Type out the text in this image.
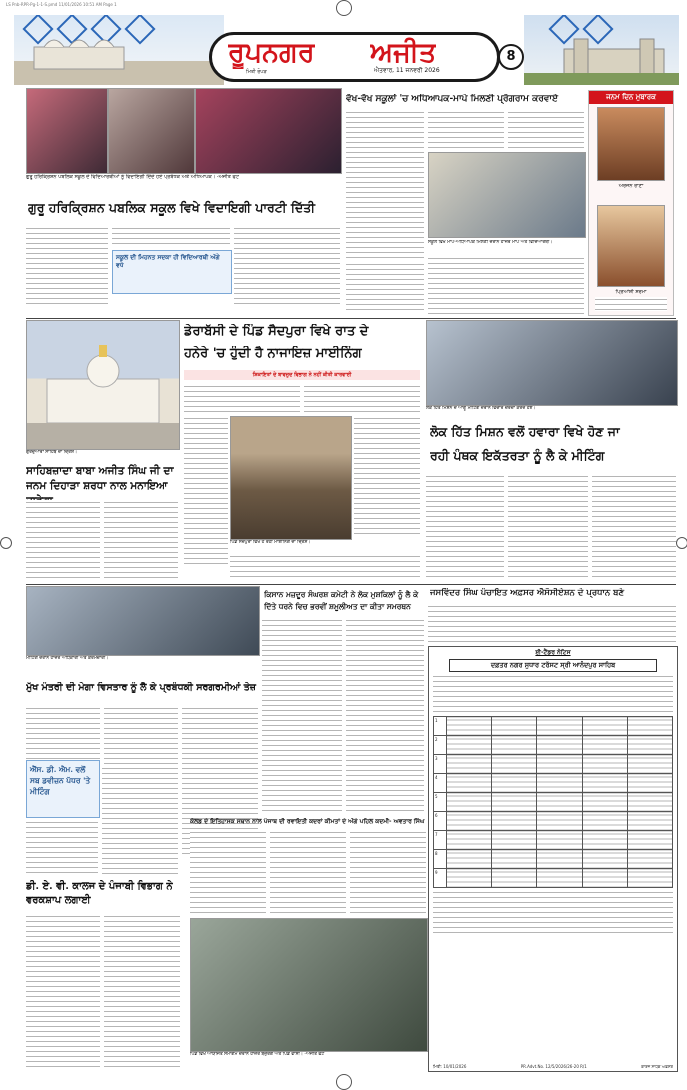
LS Pnb-RPR-Pg-1-1-S.pmd 11/01/2026 10:51 AM Page 1
ਰੂਪਨਗਰ ਅਜੀਤ
ਮਿਤੀ ਰੋਪੜ	ਐਤਵਾਰ, 11 ਜਨਵਰੀ 2026
8
ਜਨਮ ਦਿਨ ਮੁਬਾਰਕ
ਅਰਜਨ ਰਾਣਾ
ਪ੍ਰਿਆਂਸ਼ੀ ਸ਼ਰਮਾ
ਗੁਰੂ ਹਰਿਕ੍ਰਿਸ਼ਨ ਪਬਲਿਕ ਸਕੂਲ ਦੇ ਵਿਦਿਆਰਥੀਆਂ ਨੂੰ ਵਿਦਾਇਗੀ ਦਿੰਦੇ ਹੋਏ ਪ੍ਰਬੰਧਕ ਅਤੇ ਅਧਿਆਪਕ। -ਅਜੀਤ ਫੋਟੋ
ਗੁਰੂ ਹਰਿਕ੍ਰਿਸ਼ਨ ਪਬਲਿਕ ਸਕੂਲ ਵਿਖੇ ਵਿਦਾਇਗੀ ਪਾਰਟੀ ਦਿੱਤੀ
ਸਕੂਲ ਦੀ ਮਿਹਨਤ ਸਦਕਾ ਹੀ ਵਿਦਿਆਰਥੀ ਅੱਗੇ ਵਧੇ
ਵੱਖ-ਵੱਖ ਸਕੂਲਾਂ 'ਚ ਅਧਿਆਪਕ-ਮਾਪੇ ਮਿਲਣੀ ਪ੍ਰੋਗਰਾਮ ਕਰਵਾਏ
ਸਕੂਲ ਵਿਖੇ ਮਾਪੇ-ਅਧਿਆਪਕ ਮਿਲਣੀ ਦੌਰਾਨ ਹਾਜ਼ਰ ਮਾਪੇ ਅਤੇ ਵਿਦਿਆਰਥੀ।
ਗੁਰਦੁਆਰਾ ਸਾਹਿਬ ਦਾ ਦ੍ਰਿਸ਼।
ਸਾਹਿਬਜ਼ਾਦਾ ਬਾਬਾ ਅਜੀਤ ਸਿੰਘ ਜੀ ਦਾ ਜਨਮ ਦਿਹਾੜਾ ਸ਼ਰਧਾ ਨਾਲ ਮਨਾਇਆ
ਡੇਰਾਬੱਸੀ ਦੇ ਪਿੰਡ ਸੈਦਪੁਰਾ ਵਿਖੇ ਰਾਤ ਦੇ
ਹਨੇਰੇ 'ਚ ਹੁੰਦੀ ਹੈ ਨਾਜਾਇਜ਼ ਮਾਈਨਿੰਗ
ਸ਼ਿਕਾਇਤਾਂ ਦੇ ਬਾਵਜੂਦ ਵਿਭਾਗ ਨੇ ਨਹੀਂ ਕੀਤੀ ਕਾਰਵਾਈ
ਪਿੰਡ ਸੈਦਪੁਰਾ ਵਿਖੇ ਹੋ ਰਹੀ ਮਾਈਨਿੰਗ ਦਾ ਦ੍ਰਿਸ਼।
ਲੋਕ ਹਿੱਤ ਮਿਸ਼ਨ ਦੇ ਆਗੂ ਮੀਟਿੰਗ ਦੌਰਾਨ ਵਿਚਾਰ ਚਰਚਾ ਕਰਦੇ ਹੋਏ।
ਲੋਕ ਹਿੱਤ ਮਿਸ਼ਨ ਵਲੋਂ ਹਵਾਰਾ ਵਿਖੇ ਹੋਣ ਜਾ
ਰਹੀ ਪੰਥਕ ਇਕੱਤਰਤਾ ਨੂੰ ਲੈ ਕੇ ਮੀਟਿੰਗ
ਮੀਟਿੰਗ ਦੌਰਾਨ ਹਾਜ਼ਰ ਅਧਿਕਾਰੀ ਅਤੇ ਕਰਮਚਾਰੀ।
ਮੁੱਖ ਮੰਤਰੀ ਦੀ ਮੇਗਾ ਵਿਸਤਾਰ ਨੂੰ ਲੈ ਕੇ ਪ੍ਰਬੰਧਕੀ ਸਰਗਰਮੀਆਂ ਤੇਜ਼
ਐੱਸ. ਡੀ. ਐਮ. ਵਲੋਂ ਸਬ ਡਵੀਜ਼ਨ ਪੱਧਰ 'ਤੇ ਮੀਟਿੰਗ
ਡੀ. ਏ. ਵੀ. ਕਾਲਜ ਦੇ ਪੰਜਾਬੀ ਵਿਭਾਗ ਨੇ ਵਰਕਸ਼ਾਪ ਲਗਾਈ
ਕਿਸਾਨ ਮਜ਼ਦੂਰ ਸੰਘਰਸ਼ ਕਮੇਟੀ ਨੇ ਲੋਕ ਮੁਸ਼ਕਿਲਾਂ ਨੂੰ ਲੈ ਕੇ
ਦਿੱਤੇ ਧਰਨੇ ਵਿਚ ਭਰਵੀਂ ਸ਼ਮੂਲੀਅਤ ਦਾ ਕੀਤਾ ਸਮਰਥਨ
ਕੋਲਡ ਦੇ ਇਤਿਹਾਸਕ ਸਥਾਨ ਨਾਲ ਪੰਜਾਬ ਦੀ ਰਵਾਇਤੀ ਕਦਰਾਂ ਕੀਮਤਾਂ ਦੇ ਅੱਗੇ ਪਹਿਲ ਕਦਮੀ- ਅਵਤਾਰ ਸਿੰਘ
ਪਿੰਡ ਵਿਖੇ ਆਯੋਜਿਤ ਸਮਾਗਮ ਦੌਰਾਨ ਹਾਜ਼ਰ ਬਜ਼ੁਰਗ ਅਤੇ ਪਿੰਡ ਵਾਸੀ। -ਅਜੀਤ ਫੋਟੋ
ਜਸਵਿੰਦਰ ਸਿੰਘ ਪੰਚਾਇਤ ਅਫ਼ਸਰ ਐਸੋਸੀਏਸ਼ਨ ਦੇ ਪ੍ਰਧਾਨ ਬਣੇ
ਈ-ਟੈਂਡਰ ਨੋਟਿਸ
ਦਫ਼ਤਰ ਨਗਰ ਸੁਧਾਰ ਟਰੱਸਟ ਸ੍ਰੀ ਆਨੰਦਪੁਰ ਸਾਹਿਬ
1					
2					
3					
4					
5					
6					
7					
8					
9					
ਮਿਤੀ: 10/01/2026	PR.Advt.No. 12/5/2026/26-20 R/1	ਕਾਰਜ ਸਾਧਕ ਅਫ਼ਸਰ
